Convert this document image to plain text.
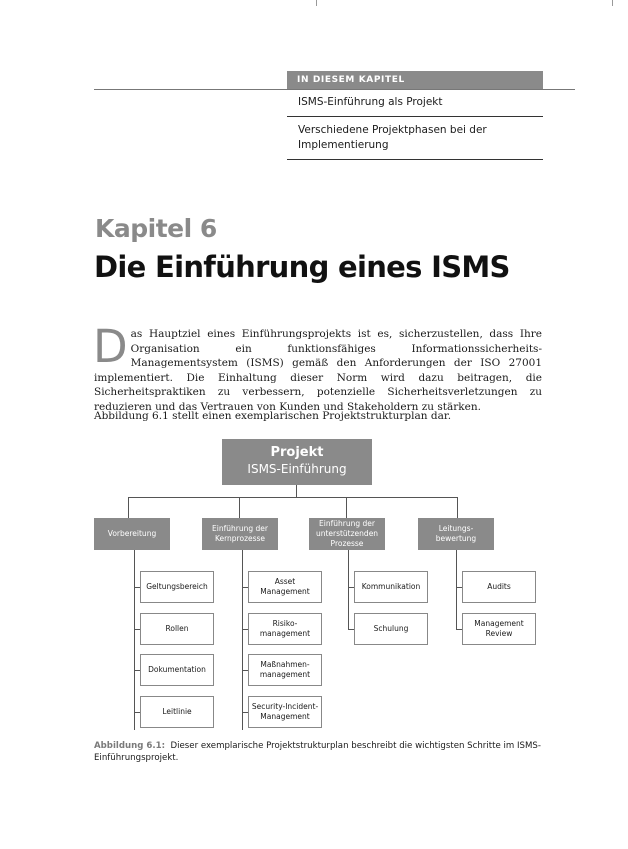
IN DIESEM KAPITEL
ISMS-Einführung als Projekt
Verschiedene Projektphasen bei der Implementierung
Kapitel 6
Die Einführung eines ISMS
Das Hauptziel eines Einführungsprojekts ist es, sicherzustellen, dass Ihre Organisation ein funktionsfähiges Informationssicherheits-Managementsystem (ISMS) gemäß den Anforderungen der ISO 27001 implementiert. Die Einhaltung dieser Norm wird dazu beitragen, die Sicherheitspraktiken zu verbessern, potenzielle Sicherheitsverletzungen zu reduzieren und das Vertrauen von Kunden und Stakeholdern zu stärken.
Abbildung 6.1 stellt einen exemplarischen Projektstrukturplan dar.
Projekt
ISMS-Einführung
Vorbereitung
Einführung der Kernprozesse
Einführung der unterstützenden Prozesse
Leitungs-
bewertung
Geltungsbereich
Rollen
Dokumentation
Leitlinie
Asset
Management
Risiko-
management
Maßnahmen-
management
Security-Incident-
Management
Kommunikation
Schulung
Audits
Management
Review
Abbildung 6.1: Dieser exemplarische Projektstrukturplan beschreibt die wichtigsten Schritte im ISMS-Einführungsprojekt.
